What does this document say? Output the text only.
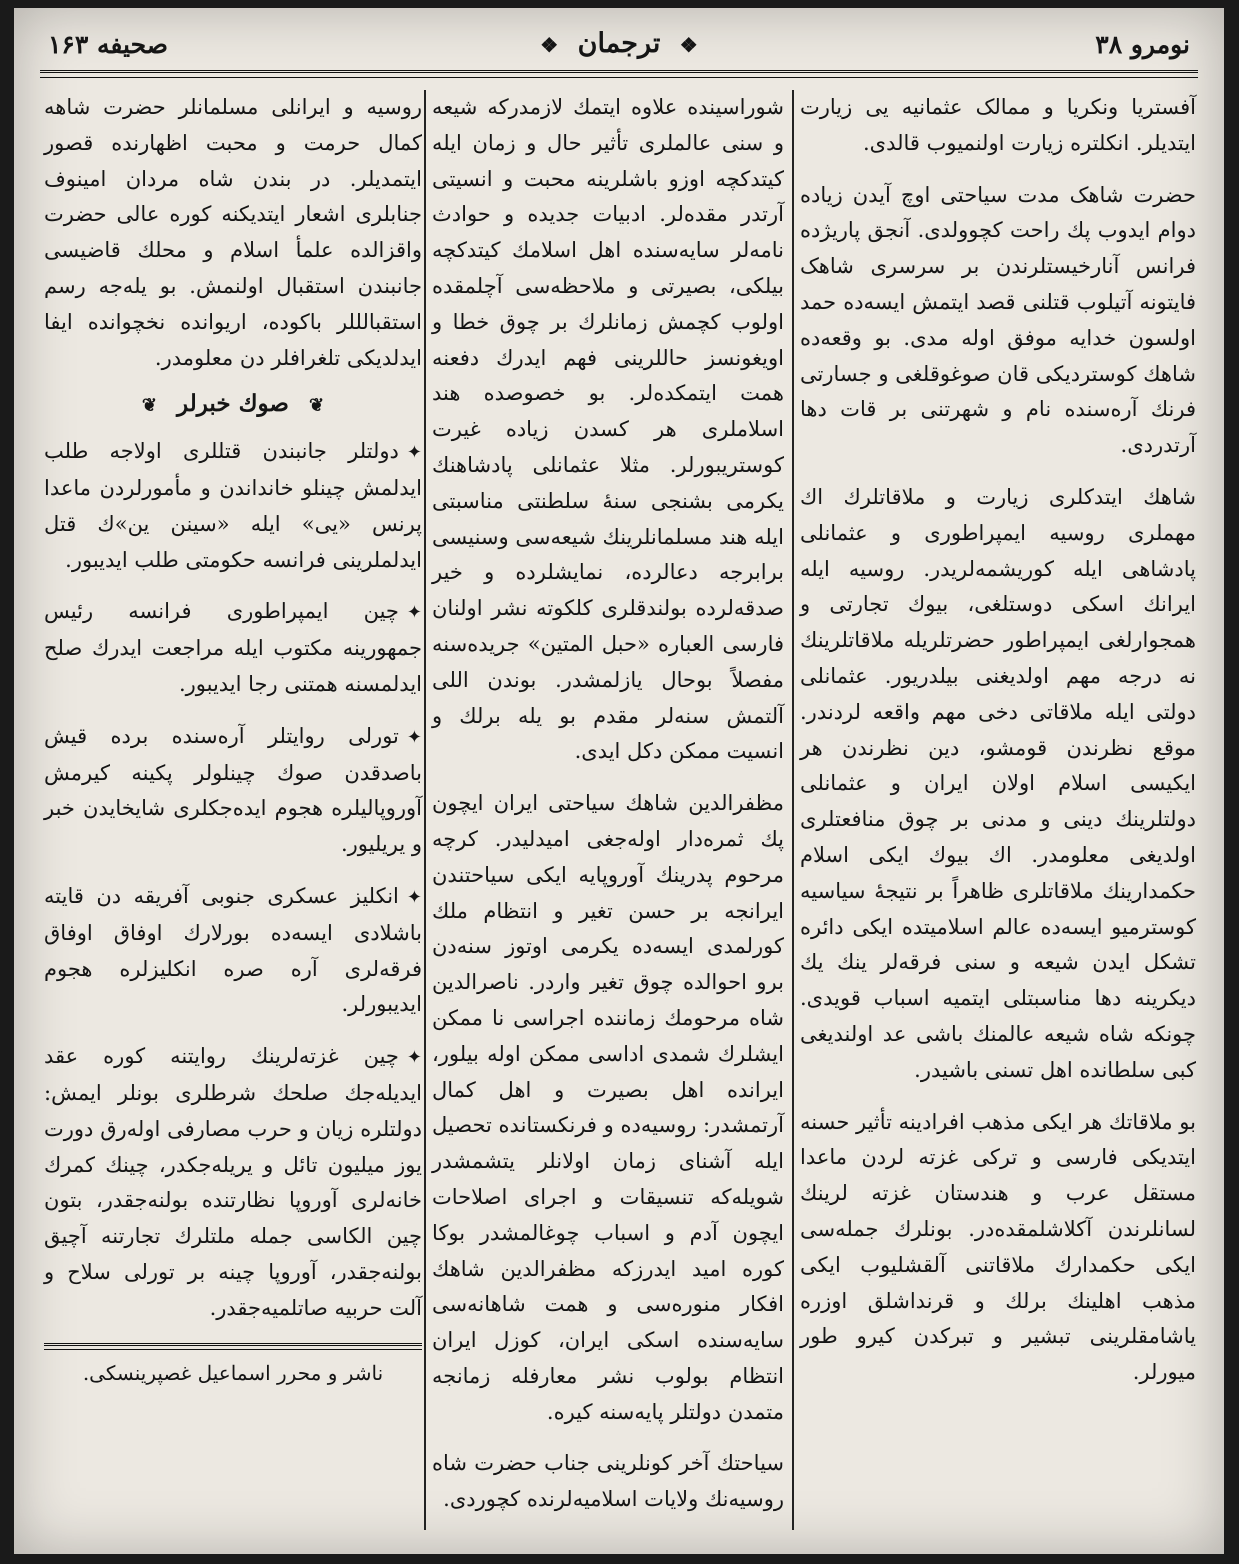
نومرو ۳۸
❖ ترجمان ❖
صحیفه ۱۶۳

آفستریا ونکریا و ممالک عثمانیه یی زیارت ایتدیلر. انکلتره زیارت اولنمیوب قالدی.

حضرت شاهک مدت سیاحتی اوچ آیدن زیاده دوام ایدوب پك راحت کچوولدی. آنجق پاریژده فرانس آنارخیستلرندن بر سرسری شاهک فایتونه آتیلوب قتلنی قصد ایتمش ایسه‌ده حمد اولسون خدایه موفق اوله مدی. بو وقعه‌ده شاهك کوستردیکی قان صوغوقلغی و جسارتی فرنك آره‌سنده نام و شهرتنی بر قات دها آرتدردی.

شاهك ایتدکلری زیارت و ملاقاتلرك اك مهملری روسیه ایمپراطوری و عثمانلی پادشاهی ایله کوریشمه‌لریدر. روسیه ایله ایرانك اسکی دوستلغی، بیوك تجارتی و همجوارلغی ایمپراطور حضرتلریله ملاقاتلرینك نه درجه مهم اولدیغنی بیلدریور. عثمانلی دولتی ایله ملاقاتی دخی مهم واقعه لردندر. موقع نظرندن قومشو، دین نظرندن هر ایکیسی اسلام اولان ایران و عثمانلی دولتلرینك دینی و مدنی بر چوق منافعتلری اولدیغی معلومدر. اك بیوك ایکی اسلام حکمدارینك ملاقاتلری ظاهراً بر نتیجهٔ سیاسیه کوسترمیو ایسه‌ده عالم اسلامیتده ایکی دائره تشکل ایدن شیعه و سنی فرقه‌لر ینك یك دیکرینه دها مناسبتلی ایتمیه اسباب قویدی. چونکه شاه شیعه عالمنك باشی عد اولندیغی کبی سلطانده اهل تسنی باشیدر.

بو ملاقاتك هر ایکی مذهب افرادینه تأثیر حسنه ایتدیکی فارسی و ترکی غزته لردن ماعدا مستقل عرب و هندستان غزته لرینك لسانلرندن آکلاشلمقده‌در. بونلرك جمله‌سی ایکی حکمدارك ملاقاتنی آلقشلیوب ایکی مذهب اهلینك برلك و قرنداشلق اوزره یاشامقلرینی تبشیر و تبرکدن کیرو طور میورلر.

شوراسینده علاوه ایتمك لازمدرکه شیعه و سنی عالملری تأثیر حال و زمان ایله کیتدکچه اوزو باشلرینه محبت و انسیتی آرتدر مقده‌لر. ادبیات جدیده و حوادث نامه‌لر سایه‌سنده اهل اسلامك کیتدکچه بیلکی، بصیرتی و ملاحظه‌سی آچلمقده اولوب کچمش زمانلرك بر چوق خطا و اویغونسز حاللرینی فهم ایدرك دفعنه همت ایتمکده‌لر. بو خصوصده هند اسلاملری هر کسدن زیاده غیرت کوستریبورلر. مثلا عثمانلی پادشاهنك یکرمی بشنجی سنهٔ سلطنتی مناسبتی ایله هند مسلمانلرینك شیعه‌سی وسنیسی برابرجه دعالرده، نمایشلرده و خیر صدقه‌لرده بولندقلری کلکوته نشر اولنان فارسی العباره «حبل المتین» جریده‌سنه مفصلاً بوحال یازلمشدر. بوندن اللی آلتمش سنه‌لر مقدم بو یله برلك و انسیت ممکن دکل ایدی.

مظفرالدین شاهك سیاحتی ایران ایچون پك ثمره‌دار اوله‌جغی امیدلیدر. کرچه مرحوم پدرینك آوروپایه ایکی سیاحتندن ایرانجه بر حسن تغیر و انتظام ملك کورلمدی ایسه‌ده یکرمی اوتوز سنه‌دن برو احوالده چوق تغیر واردر. ناصرالدین شاه مرحومك زماننده اجراسی نا ممکن ایشلرك شمدی اداسی ممکن اوله بیلور، ایرانده اهل بصیرت و اهل کمال آرتمشدر: روسیه‌ده و فرنکستانده تحصیل ایله آشنای زمان اولانلر یتشمشدر شویله‌که تنسیقات و اجرای اصلاحات ایچون آدم و اسباب چوغالمشدر بوکا کوره امید ایدرزکه مظفرالدین شاهك افکار منوره‌سی و همت شاهانه‌سی سایه‌سنده اسکی ایران، کوزل ایران انتظام بولوب نشر معارفله زمانجه متمدن دولتلر پایه‌سنه کیره.

سیاحتك آخر کونلرینی جناب حضرت شاه روسیه‌نك ولایات اسلامیه‌لرنده کچوردی.

روسیه و ایرانلی مسلمانلر حضرت شاهه کمال حرمت و محبت اظهارنده قصور ایتمدیلر. در بندن شاه مردان امینوف جنابلری اشعار ایتدیکنه کوره عالی حضرت واقزالده علمأ اسلام و محلك قاضیسی جانبندن استقبال اولنمش. بو یله‌جه رسم استقبالللر باکوده، اریوانده نخچوانده ایفا ایدلدیکی تلغرافلر دن معلومدر.

❦ صوك خبرلر ❦

✦دولتلر جانبندن قتللری اولاجه طلب ایدلمش چینلو خانداندن و مأمورلردن ماعدا پرنس «یی» ایله «سینن ین»ك قتل ایدلملرینی فرانسه حکومتی طلب ایدیبور.

✦چین ایمپراطوری فرانسه رئیس جمهورینه مکتوب ایله مراجعت ایدرك صلح ایدلمسنه همتنی رجا ایدیبور.

✦تورلی روایتلر آره‌سنده برده قیش باصدقدن صوك چینلولر پکینه کیرمش آوروپالیلره هجوم ایده‌جکلری شایخایدن خبر و یریلیور.

✦انکلیز عسکری جنوبی آفریقه دن قایته باشلادی ایسه‌ده بورلارك اوفاق اوفاق فرقه‌لری آره صره انکلیزلره هجوم ایدیبورلر.

✦چین غزته‌لرینك روایتنه کوره عقد ایدیله‌جك صلحك شرطلری بونلر ایمش: دولتلره زیان و حرب مصارفی اوله‌رق دورت یوز میلیون تائل و یریله‌جکدر، چینك کمرك خانه‌لری آوروپا نظارتنده بولنه‌جقدر، بتون چین الکاسی جمله ملتلرك تجارتنه آچیق بولنه‌جقدر، آوروپا چینه بر تورلی سلاح و آلت حربیه صاتلمیه‌جقدر.

ناشر و محرر اسماعیل غصپرینسکی.
